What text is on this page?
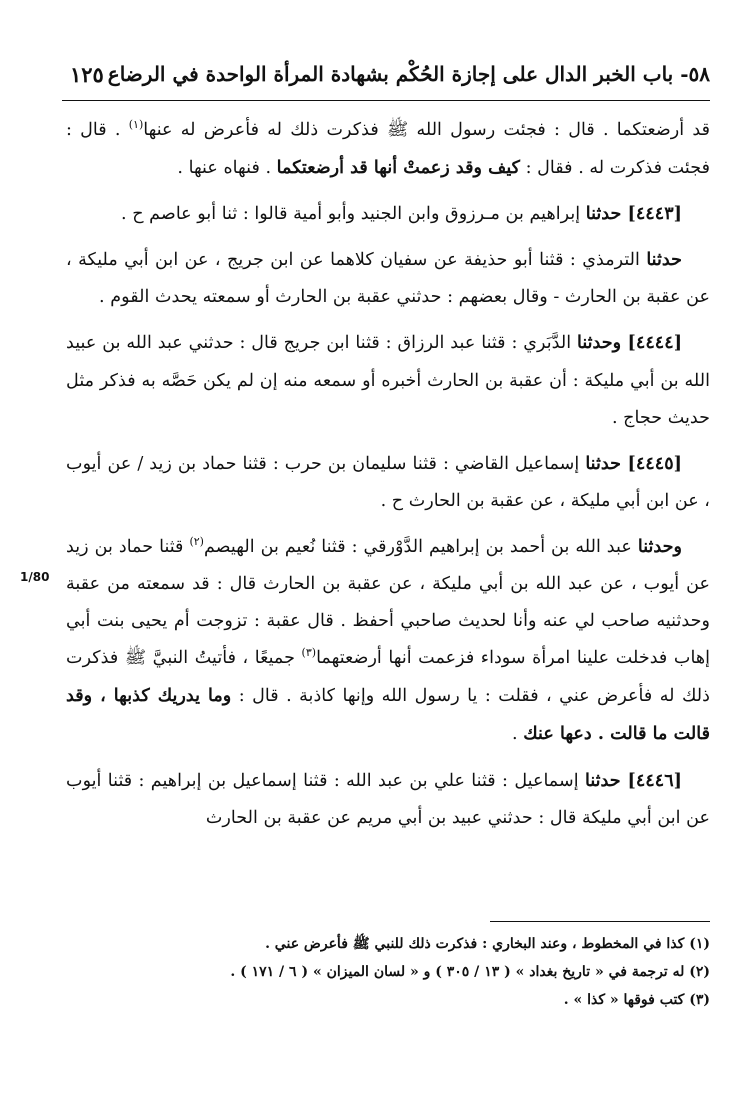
٥٨- باب الخبر الدال على إجازة الحُكْم بشهادة المرأة الواحدة في الرضاع
١٢٥
1/80

قد أرضعتكما . قال : فجئت رسول الله ﷺ فذكرت ذلك له فأعرض له عنها$^{(١)}$ . قال : فجئت فذكرت له . فقال : كيف وقد زعمتْ أنها قد أرضعتكما . فنهاه عنها .

[٤٤٤٣] حدثنا إبراهيم بن مـرزوق وابن الجنيد وأبو أمية قالوا : ثنا أبو عاصم ح .

حدثنا الترمذي : قثنا أبو حذيفة عن سفيان كلاهما عن ابن جريج ، عن ابن أبي مليكة ، عن عقبة بن الحارث - وقال بعضهم : حدثني عقبة بن الحارث أو سمعته يحدث القوم .

[٤٤٤٤] وحدثنا الدَّبَري : قثنا عبد الرزاق : قثنا ابن جريج قال : حدثني عبد الله بن عبيد الله بن أبي مليكة : أن عقبة بن الحارث أخبره أو سمعه منه إن لم يكن حَصَّه به فذكر مثل حديث حجاج .

[٤٤٤٥] حدثنا إسماعيل القاضي : قثنا سليمان بن حرب : قثنا حماد بن زيد / عن أيوب ، عن ابن أبي مليكة ، عن عقبة بن الحارث ح .

وحدثنا عبد الله بن أحمد بن إبراهيم الدَّوْرقي : قثنا نُعيم بن الهيصم$^{(٢)}$ قثنا حماد بن زيد عن أيوب ، عن عبد الله بن أبي مليكة ، عن عقبة بن الحارث قال : قد سمعته من عقبة وحدثنيه صاحب لي عنه وأنا لحديث صاحبي أحفظ . قال عقبة : تزوجت أم يحيى بنت أبي إهاب فدخلت علينا امرأة سوداء فزعمت أنها أرضعتهما$^{(٣)}$ جميعًا ، فأتيتُ النبيَّ ﷺ فذكرت ذلك له فأعرض عني ، فقلت : يا رسول الله وإنها كاذبة . قال : وما يدريك كذبها ، وقد قالت ما قالت . دعها عنك .

[٤٤٤٦] حدثنا إسماعيل : قثنا علي بن عبد الله : قثنا إسماعيل بن إبراهيم : قثنا أيوب عن ابن أبي مليكة قال : حدثني عبيد بن أبي مريم عن عقبة بن الحارث

(١) كذا في المخطوط ، وعند البخاري : فذكرت ذلك للنبي ﷺ فأعرض عني .

(٢) له ترجمة في « تاريخ بغداد » ( ١٣ / ٣٠٥ ) و « لسان الميزان » ( ٦ / ١٧١ ) .

(٣) كتب فوقها « كذا » .
